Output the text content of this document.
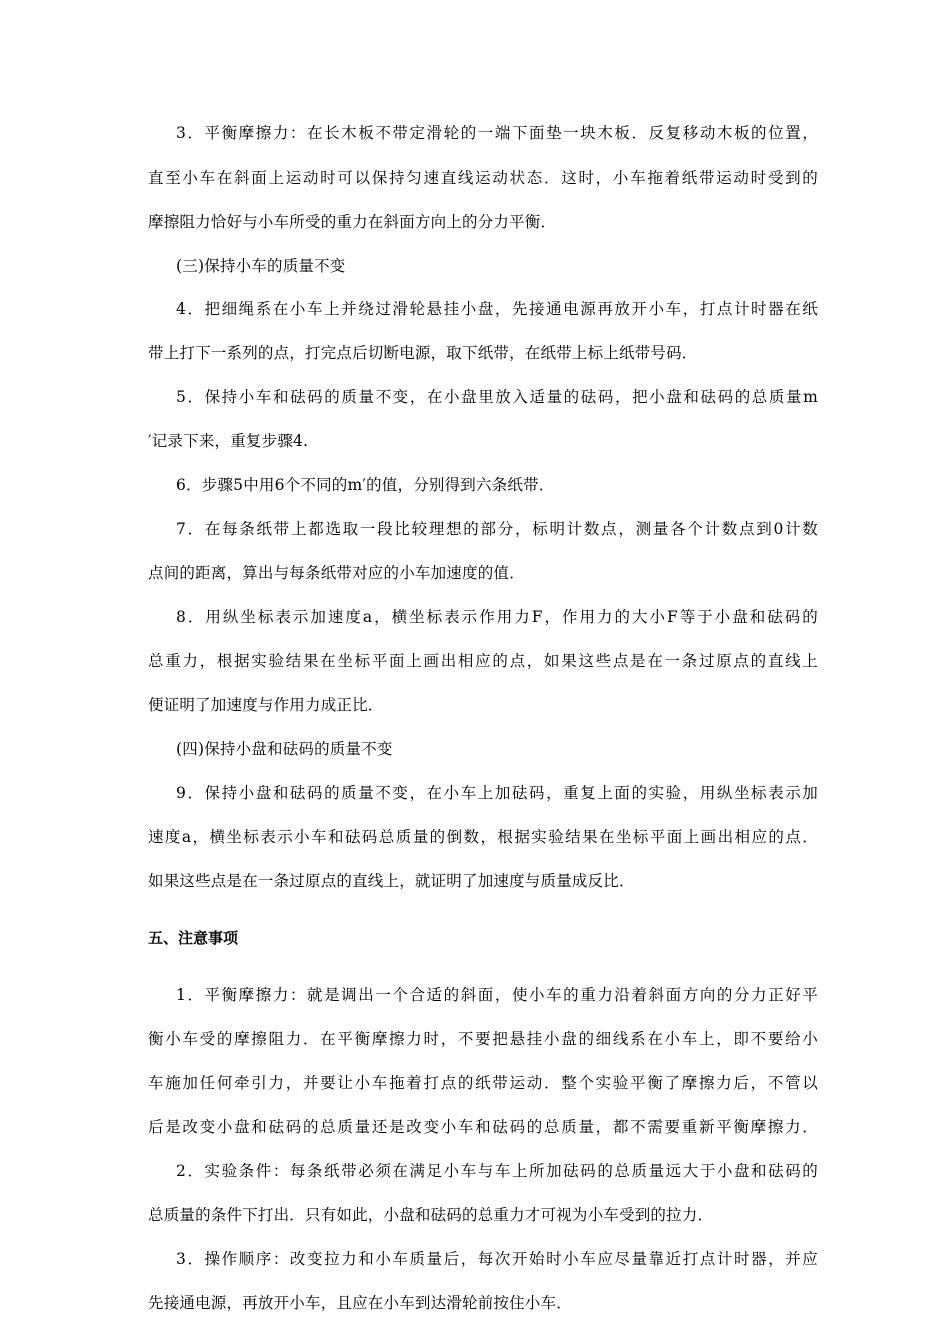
3．平衡摩擦力：在长木板不带定滑轮的一端下面垫一块木板．反复移动木板的位置，
直至小车在斜面上运动时可以保持匀速直线运动状态．这时，小车拖着纸带运动时受到的
摩擦阻力恰好与小车所受的重力在斜面方向上的分力平衡．
(三)保持小车的质量不变
4．把细绳系在小车上并绕过滑轮悬挂小盘，先接通电源再放开小车，打点计时器在纸
带上打下一系列的点，打完点后切断电源，取下纸带，在纸带上标上纸带号码．
5．保持小车和砝码的质量不变，在小盘里放入适量的砝码，把小盘和砝码的总质量m
′记录下来，重复步骤4.
6．步骤5中用6个不同的m′的值，分别得到六条纸带．
7．在每条纸带上都选取一段比较理想的部分，标明计数点，测量各个计数点到0计数
点间的距离，算出与每条纸带对应的小车加速度的值．
8．用纵坐标表示加速度a，横坐标表示作用力F，作用力的大小F等于小盘和砝码的
总重力，根据实验结果在坐标平面上画出相应的点，如果这些点是在一条过原点的直线上
便证明了加速度与作用力成正比．
(四)保持小盘和砝码的质量不变
9．保持小盘和砝码的质量不变，在小车上加砝码，重复上面的实验，用纵坐标表示加
速度a，横坐标表示小车和砝码总质量的倒数，根据实验结果在坐标平面上画出相应的点．
如果这些点是在一条过原点的直线上，就证明了加速度与质量成反比．
五、注意事项
1．平衡摩擦力：就是调出一个合适的斜面，使小车的重力沿着斜面方向的分力正好平
衡小车受的摩擦阻力．在平衡摩擦力时，不要把悬挂小盘的细线系在小车上，即不要给小
车施加任何牵引力，并要让小车拖着打点的纸带运动．整个实验平衡了摩擦力后，不管以
后是改变小盘和砝码的总质量还是改变小车和砝码的总质量，都不需要重新平衡摩擦力．
2．实验条件：每条纸带必须在满足小车与车上所加砝码的总质量远大于小盘和砝码的
总质量的条件下打出．只有如此，小盘和砝码的总重力才可视为小车受到的拉力．
3．操作顺序：改变拉力和小车质量后，每次开始时小车应尽量靠近打点计时器，并应
先接通电源，再放开小车，且应在小车到达滑轮前按住小车．
